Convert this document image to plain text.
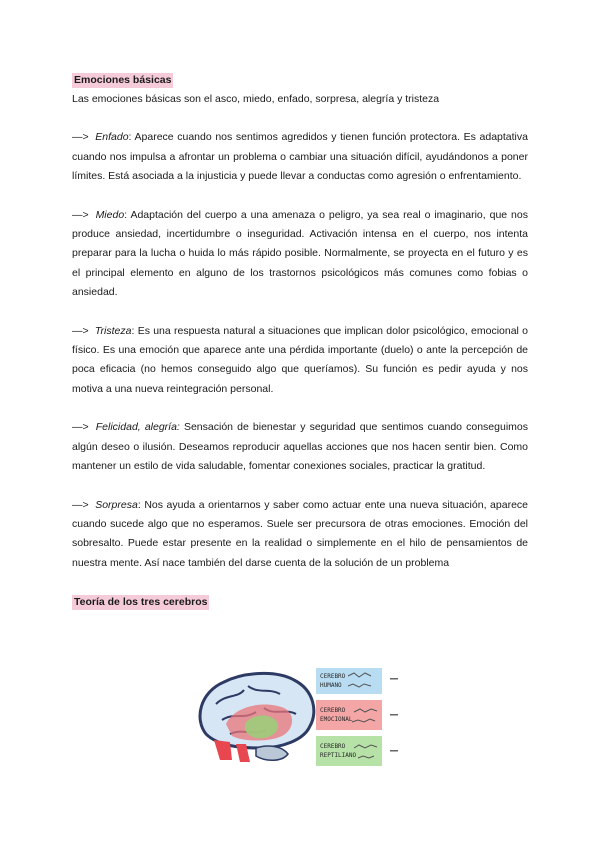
Emociones básicas

Las emociones básicas son el asco, miedo, enfado, sorpresa, alegría y tristeza

—> Enfado: Aparece cuando nos sentimos agredidos y tienen función protectora. Es adaptativa cuando nos impulsa a afrontar un problema o cambiar una situación difícil, ayudándonos a poner límites. Está asociada a la injusticia y puede llevar a conductas como agresión o enfrentamiento.

—> Miedo: Adaptación del cuerpo a una amenaza o peligro, ya sea real o imaginario, que nos produce ansiedad, incertidumbre o inseguridad. Activación intensa en el cuerpo, nos intenta preparar para la lucha o huida lo más rápido posible. Normalmente, se proyecta en el futuro y es el principal elemento en alguno de los trastornos psicológicos más comunes como fobias o ansiedad.

—> Tristeza: Es una respuesta natural a situaciones que implican dolor psicológico, emocional o físico. Es una emoción que aparece ante una pérdida importante (duelo) o ante la percepción de poca eficacia (no hemos conseguido algo que queríamos). Su función es pedir ayuda y nos motiva a una nueva reintegración personal.

—> Felicidad, alegría: Sensación de bienestar y seguridad que sentimos cuando conseguimos algún deseo o ilusión. Deseamos reproducir aquellas acciones que nos hacen sentir bien. Como mantener un estilo de vida saludable, fomentar conexiones sociales, practicar la gratitud.

—> Sorpresa: Nos ayuda a orientarnos y saber como actuar ente una nueva situación, aparece cuando sucede algo que no esperamos. Suele ser precursora de otras emociones. Emoción del sobresalto. Puede estar presente en la realidad o simplemente en el hilo de pensamientos de nuestra mente. Así nace también del darse cuenta de la solución de un problema

Teoría de los tres cerebros
CEREBRO
HUMANO
CEREBRO
EMOCIONAL
CEREBRO
REPTILIANO
